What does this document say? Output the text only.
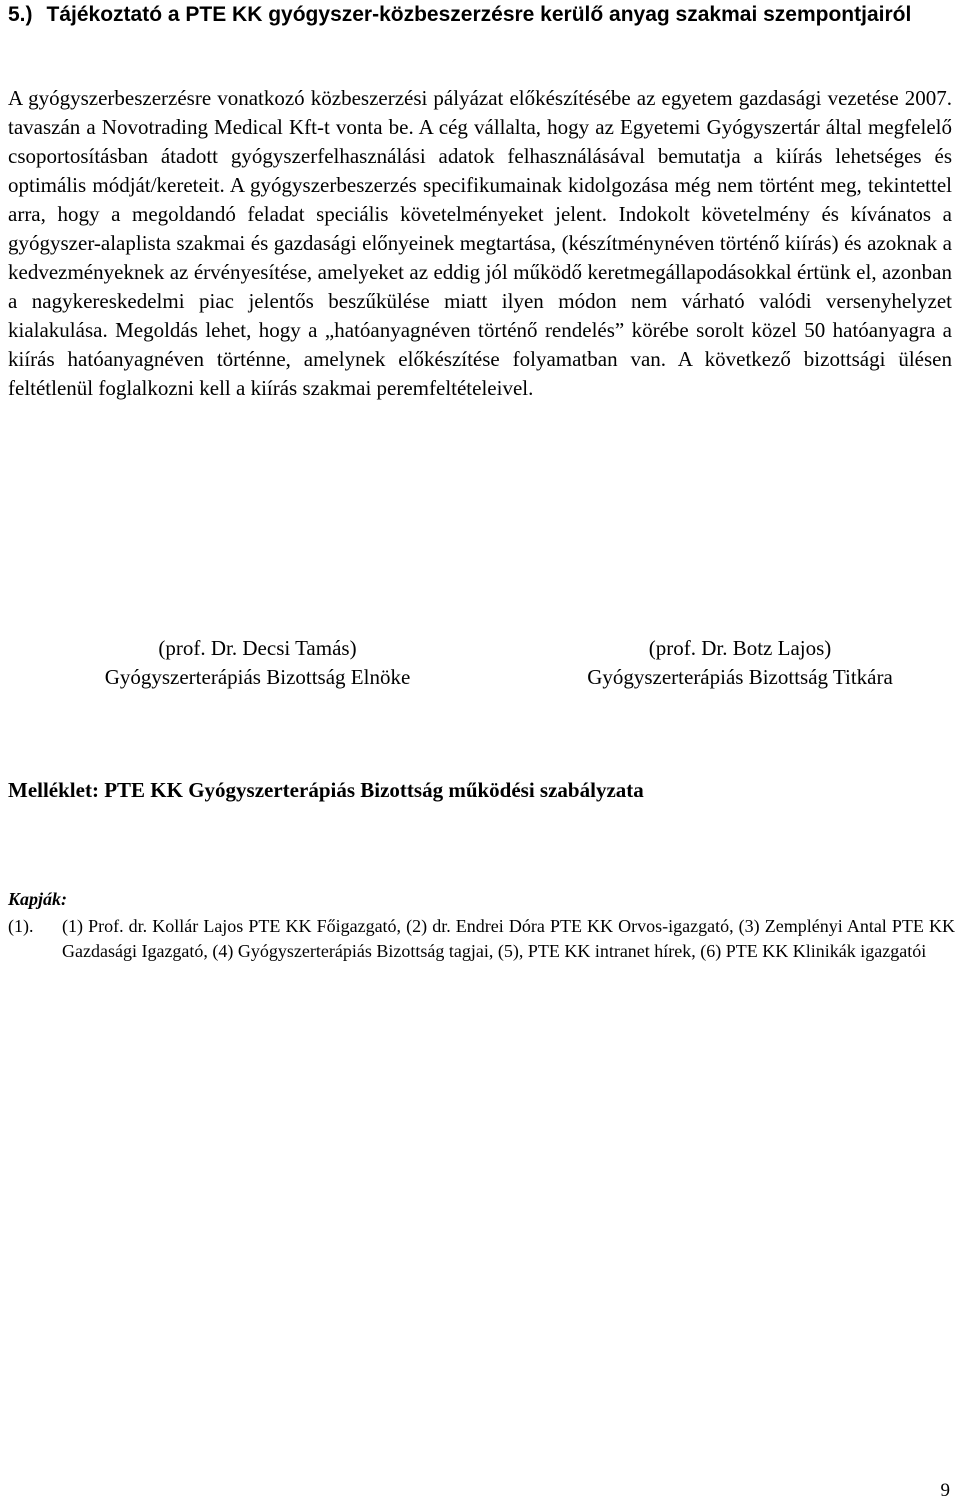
5.) Tájékoztató a PTE KK gyógyszer-közbeszerzésre kerülő anyag szakmai szempontjairól

A gyógyszerbeszerzésre vonatkozó közbeszerzési pályázat előkészítésébe az egyetem gazdasági vezetése 2007. tavaszán a Novotrading Medical Kft-t vonta be. A cég vállalta, hogy az Egyetemi Gyógyszertár által megfelelő csoportosításban átadott gyógyszerfelhasználási adatok felhasználásával bemutatja a kiírás lehetséges és optimális módját/kereteit. A gyógyszerbeszerzés specifikumainak kidolgozása még nem történt meg, tekintettel arra, hogy a megoldandó feladat speciális követelményeket jelent. Indokolt követelmény és kívánatos a gyógyszer-alaplista szakmai és gazdasági előnyeinek megtartása, (készítménynéven történő kiírás) és azoknak a kedvezményeknek az érvényesítése, amelyeket az eddig jól működő keretmegállapodásokkal értünk el, azonban a nagykereskedelmi piac jelentős beszűkülése miatt ilyen módon nem várható valódi versenyhelyzet kialakulása. Megoldás lehet, hogy a „hatóanyagnéven történő rendelés” körébe sorolt közel 50 hatóanyagra a kiírás hatóanyagnéven történne, amelynek előkészítése folyamatban van. A következő bizottsági ülésen feltétlenül foglalkozni kell a kiírás szakmai peremfeltételeivel.

(prof. Dr. Decsi Tamás)

Gyógyszerterápiás Bizottság Elnöke

(prof. Dr. Botz Lajos)

Gyógyszerterápiás Bizottság Titkára

Melléklet: PTE KK Gyógyszerterápiás Bizottság működési szabályzata

Kapják:

(1). (1) Prof. dr. Kollár Lajos PTE KK Főigazgató, (2) dr. Endrei Dóra PTE KK Orvos-igazgató, (3) Zemplényi Antal PTE KK Gazdasági Igazgató, (4) Gyógyszerterápiás Bizottság tagjai, (5), PTE KK intranet hírek, (6) PTE KK Klinikák igazgatói
9
